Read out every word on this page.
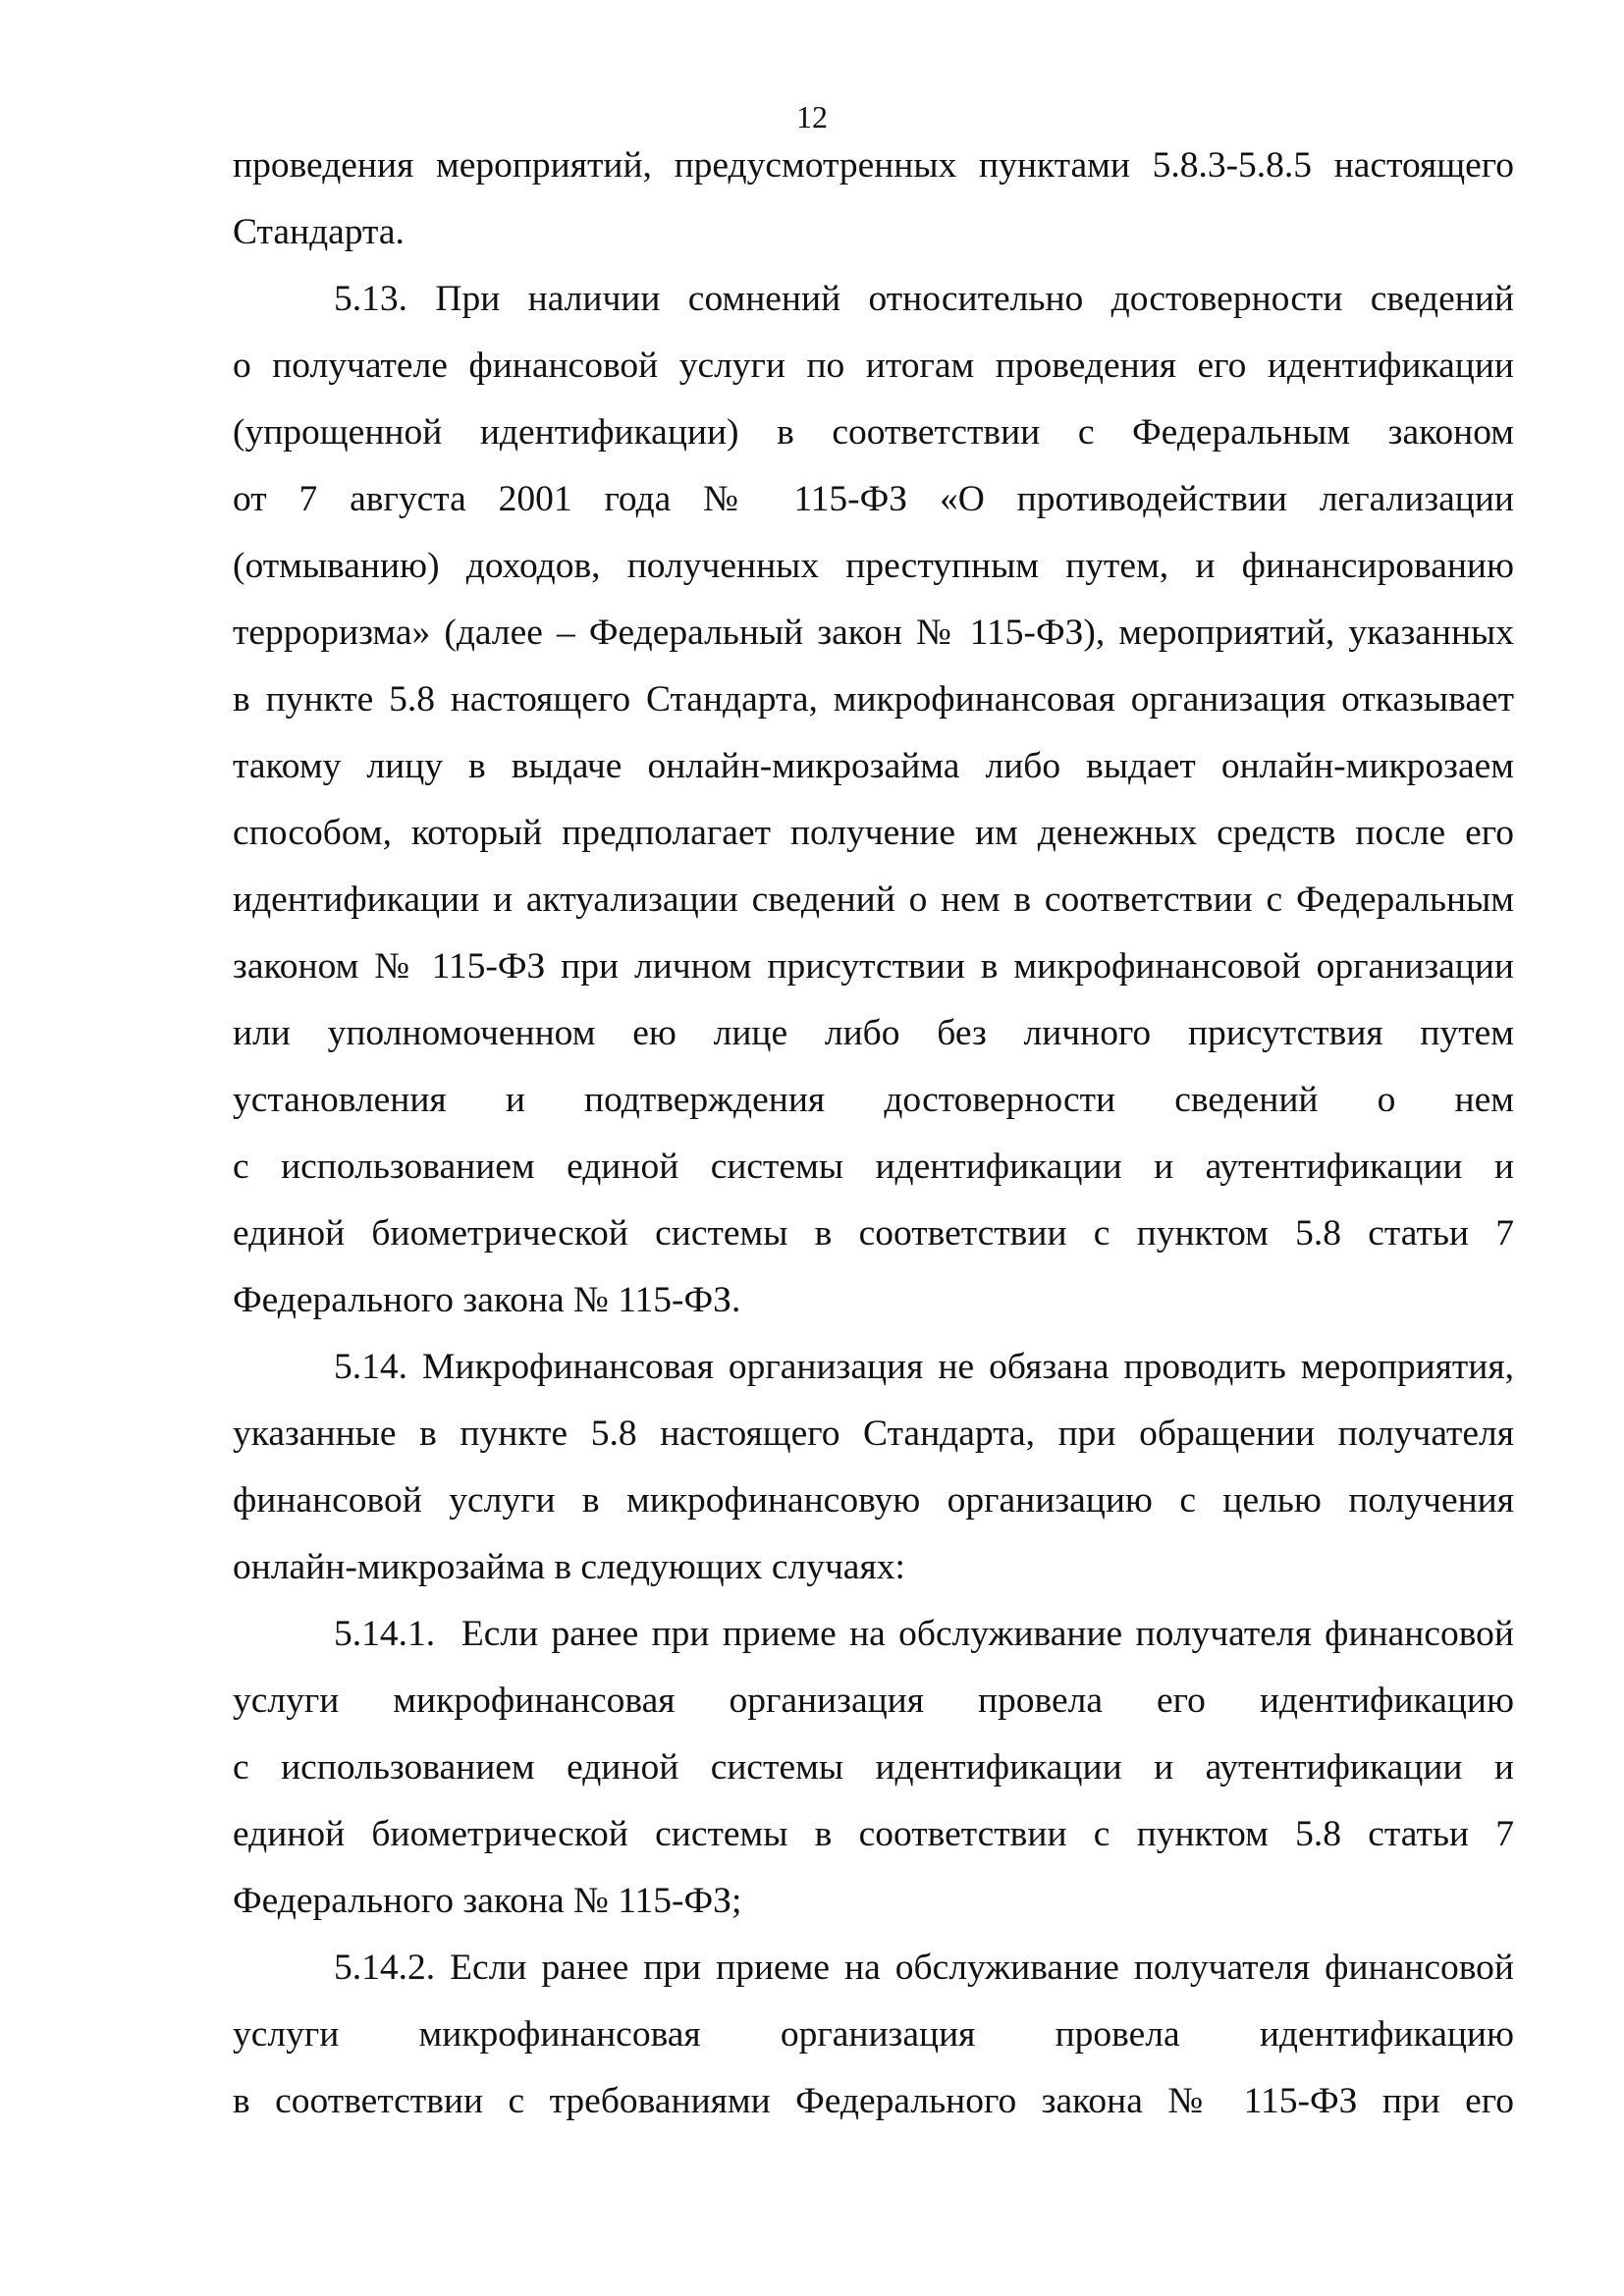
12
проведения мероприятий, предусмотренных пунктами 5.8.3-5.8.5 настоящего
Стандарта.
5.13. При наличии сомнений относительно достоверности сведений
о получателе финансовой услуги по итогам проведения его идентификации
(упрощенной идентификации) в соответствии с Федеральным законом
от 7 августа 2001 года № 115-ФЗ «О противодействии легализации
(отмыванию) доходов, полученных преступным путем, и финансированию
терроризма» (далее – Федеральный закон № 115-ФЗ), мероприятий, указанных
в пункте 5.8 настоящего Стандарта, микрофинансовая организация отказывает
такому лицу в выдаче онлайн-микрозайма либо выдает онлайн-микрозаем
способом, который предполагает получение им денежных средств после его
идентификации и актуализации сведений о нем в соответствии с Федеральным
законом № 115-ФЗ при личном присутствии в микрофинансовой организации
или уполномоченном ею лице либо без личного присутствия путем
установления и подтверждения достоверности сведений о нем
с использованием единой системы идентификации и аутентификации и
единой биометрической системы в соответствии с пунктом 5.8 статьи 7
Федерального закона № 115-ФЗ.
5.14. Микрофинансовая организация не обязана проводить мероприятия,
указанные в пункте 5.8 настоящего Стандарта, при обращении получателя
финансовой услуги в микрофинансовую организацию с целью получения
онлайн-микрозайма в следующих случаях:
5.14.1.  Если ранее при приеме на обслуживание получателя финансовой
услуги микрофинансовая организация провела его идентификацию
с использованием единой системы идентификации и аутентификации и
единой биометрической системы в соответствии с пунктом 5.8 статьи 7
Федерального закона № 115-ФЗ;
5.14.2. Если ранее при приеме на обслуживание получателя финансовой
услуги микрофинансовая организация провела идентификацию
в соответствии с требованиями Федерального закона № 115-ФЗ при его
